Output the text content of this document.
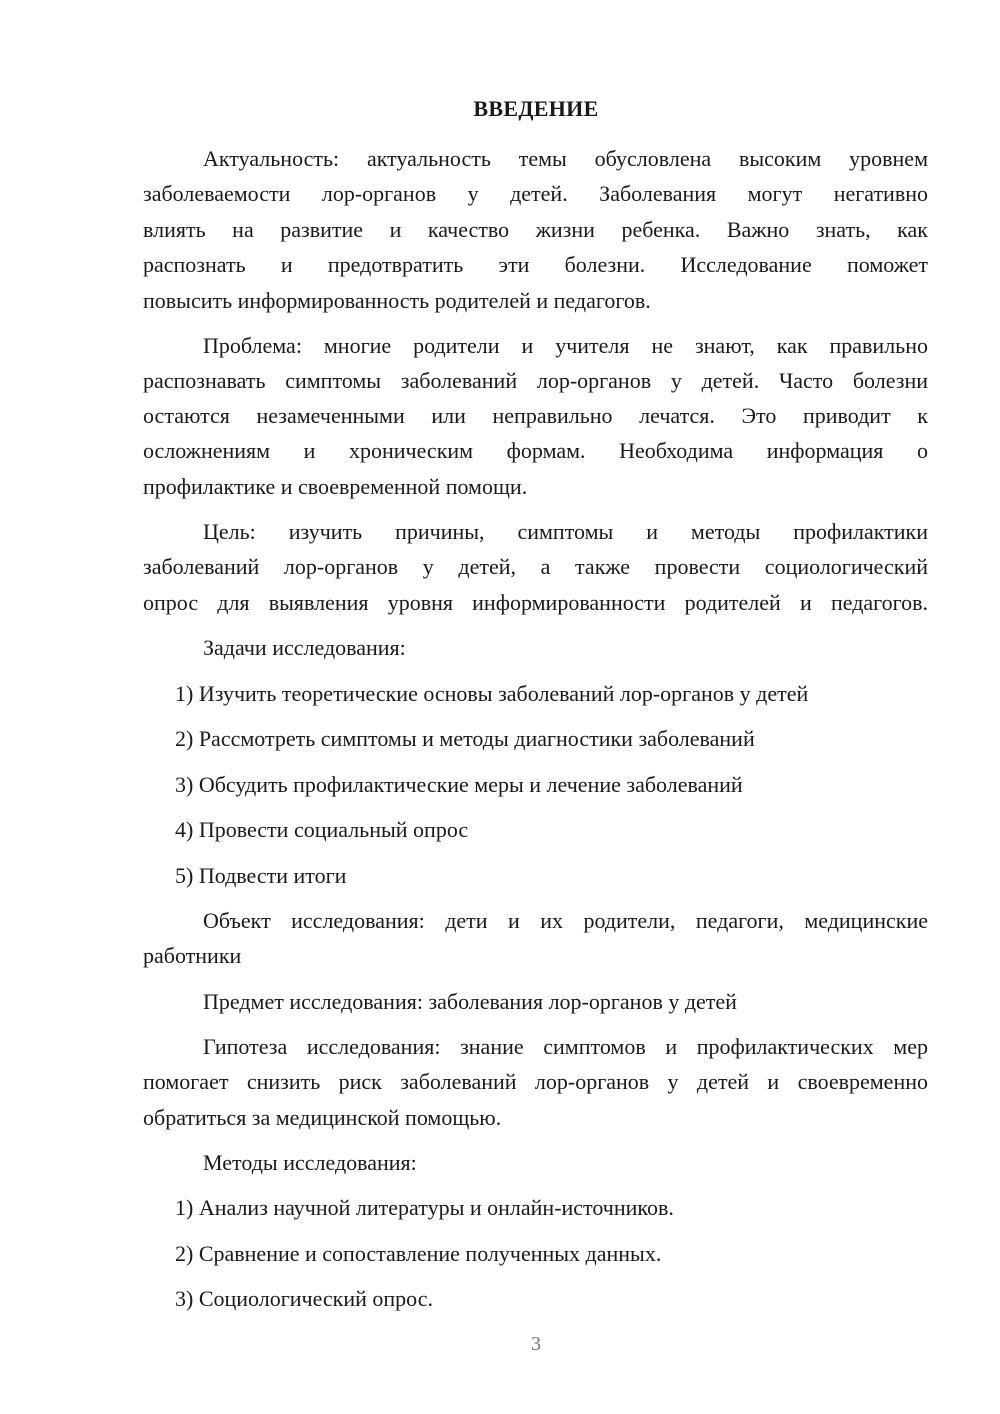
ВВЕДЕНИЕ
Актуальность: актуальность темы обусловлена высоким уровнем
заболеваемости лор-органов у детей. Заболевания могут негативно
влиять на развитие и качество жизни ребенка. Важно знать, как
распознать и предотвратить эти болезни. Исследование поможет
повысить информированность родителей и педагогов.
Проблема: многие родители и учителя не знают, как правильно
распознавать симптомы заболеваний лор-органов у детей. Часто болезни
остаются незамеченными или неправильно лечатся. Это приводит к
осложнениям и хроническим формам. Необходима информация о
профилактике и своевременной помощи.
Цель: изучить причины, симптомы и методы профилактики
заболеваний лор-органов у детей, а также провести социологический
опрос для выявления уровня информированности родителей и педагогов.
Задачи исследования:
1) Изучить теоретические основы заболеваний лор-органов у детей
2) Рассмотреть симптомы и методы диагностики заболеваний
3) Обсудить профилактические меры и лечение заболеваний
4) Провести социальный опрос
5) Подвести итоги
Объект исследования: дети и их родители, педагоги, медицинские
работники
Предмет исследования: заболевания лор-органов у детей
Гипотеза исследования: знание симптомов и профилактических мер
помогает снизить риск заболеваний лор-органов у детей и своевременно
обратиться за медицинской помощью.
Методы исследования:
1) Анализ научной литературы и онлайн-источников.
2) Сравнение и сопоставление полученных данных.
3) Социологический опрос.
3
